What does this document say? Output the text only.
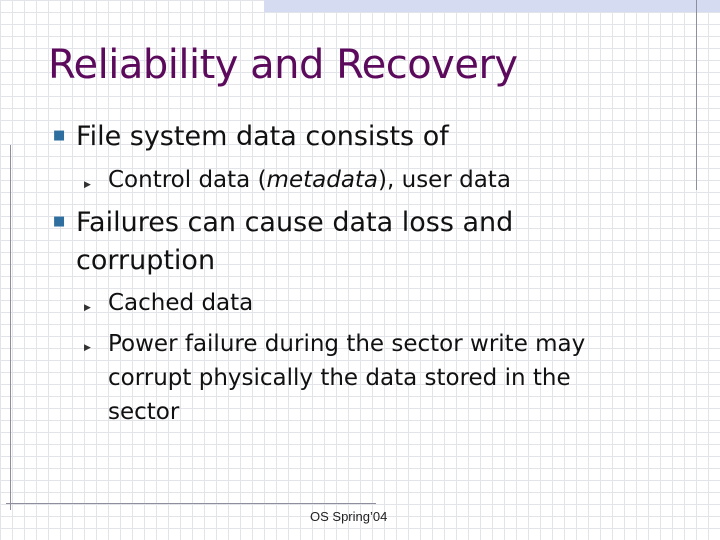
Reliability and Recovery
■ File system data consists of
▶ Control data (metadata), user data
■ Failures can cause data loss and
corruption
▶ Cached data
▶ Power failure during the sector write may
corrupt physically the data stored in the
sector
OS Spring’04
